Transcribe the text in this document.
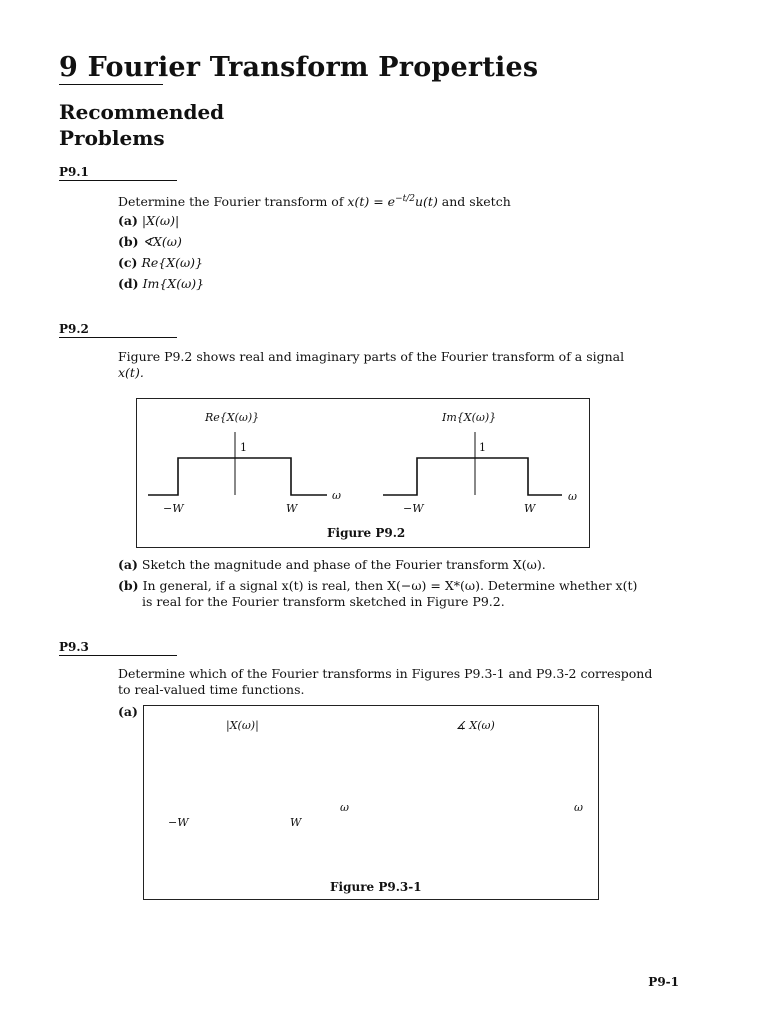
9 Fourier Transform Properties
Recommended
Problems
P9.1
Determine the Fourier transform of $x(t) = e^{-t/2}u(t)$ and sketch
(a) |X(ω)|
(b) ∢X(ω)
(c) Re{X(ω)}
(d) Im{X(ω)}
P9.2
Figure P9.2 shows real and imaginary parts of the Fourier transform of a signal
x(t).
Re{X(ω)}	Im{X(ω)}
1	1
−W	W
ω
−W	W
ω
Figure P9.2
(a) Sketch the magnitude and phase of the Fourier transform X(ω).
(b) In general, if a signal x(t) is real, then X(−ω) = X*(ω). Determine whether x(t)
is real for the Fourier transform sketched in Figure P9.2.
P9.3
Determine which of the Fourier transforms in Figures P9.3-1 and P9.3-2 correspond
to real-valued time functions.
(a)
|X(ω)|	∡ X(ω)
−W	W
ω	ω
Figure P9.3-1
P9-1
